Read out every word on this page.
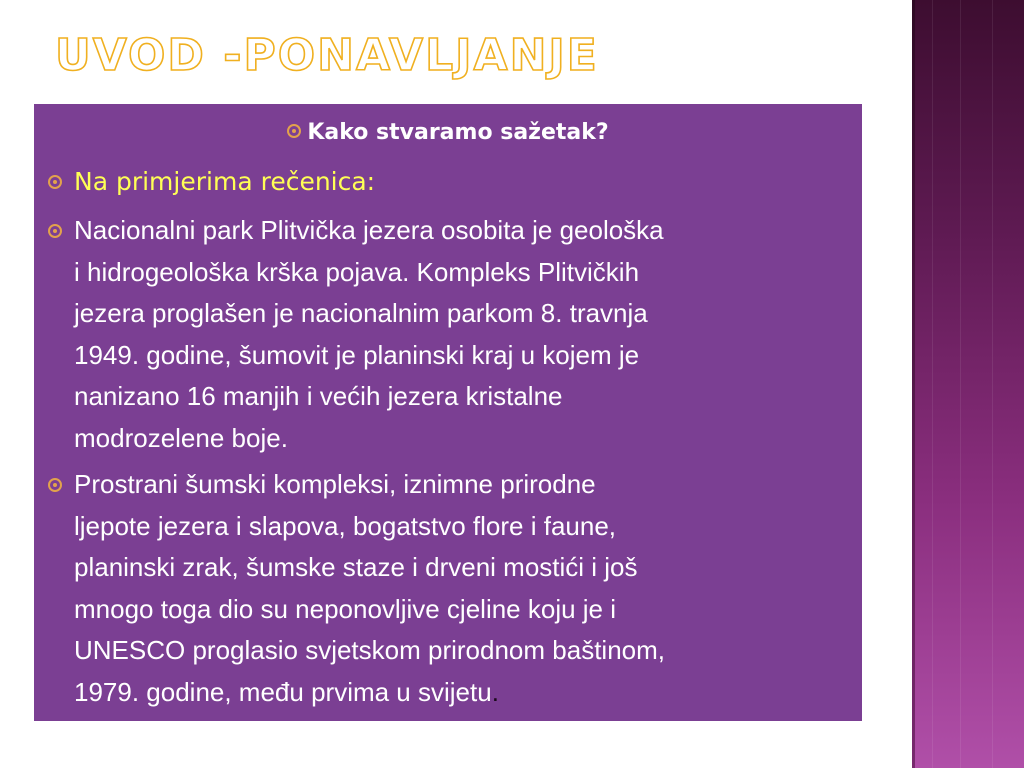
UVOD -PONAVLJANJE
Kako stvaramo sažetak?
Na primjerima rečenica:
Nacionalni park Plitvička jezera osobita je geološka
i hidrogeološka krška pojava. Kompleks Plitvičkih
jezera proglašen je nacionalnim parkom 8. travnja
1949. godine, šumovit je planinski kraj u kojem je
nanizano 16 manjih i većih jezera kristalne
modrozelene boje.
Prostrani šumski kompleksi, iznimne prirodne
ljepote jezera i slapova, bogatstvo flore i faune,
planinski zrak, šumske staze i drveni mostići i još
mnogo toga dio su neponovljive cjeline koju je i
UNESCO proglasio svjetskom prirodnom baštinom,
1979. godine, među prvima u svijetu.
